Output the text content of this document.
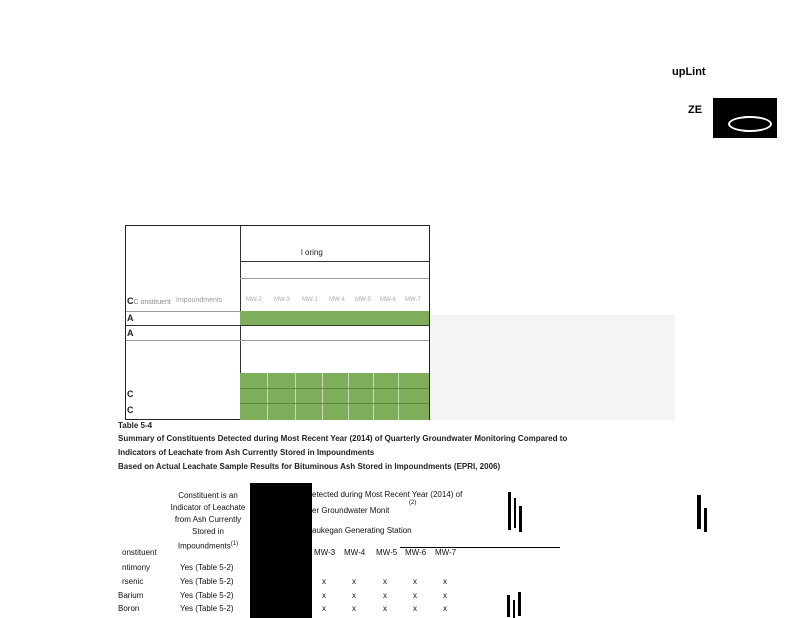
upLint
ZE
l oring
CC onstituent Impoundments	MW-2 MW-3 MW-1 MW-4 MW-5 MW-6 MW-7
A
A
C
C
Table 5-4
Summary of Constituents Detected during Most Recent Year (2014) of Quarterly Groundwater Monitoring Compared to
Indicators of Leachate from Ash Currently Stored in Impoundments
Based on Actual Leachate Sample Results for Bituminous Ash Stored in Impoundments (EPRI, 2006)
Constituent is an
Indicator of Leachate
from Ash Currently
Stored in
Impoundments$^{(1)}$
etected during Most Recent Year (2014) of
er Groundwater Monit
(2)
aukegan Generating Station
onstituent	MW-3 MW-4 MW-5 MW-6 MW-7
ntimony	Yes (Table 5-2)
rsenic	Yes (Table 5-2)	x	x	x	x	x
Barium	Yes (Table 5-2)	x	x	x	x	x
Boron	Yes (Table 5-2)	x	x	x	x	x
